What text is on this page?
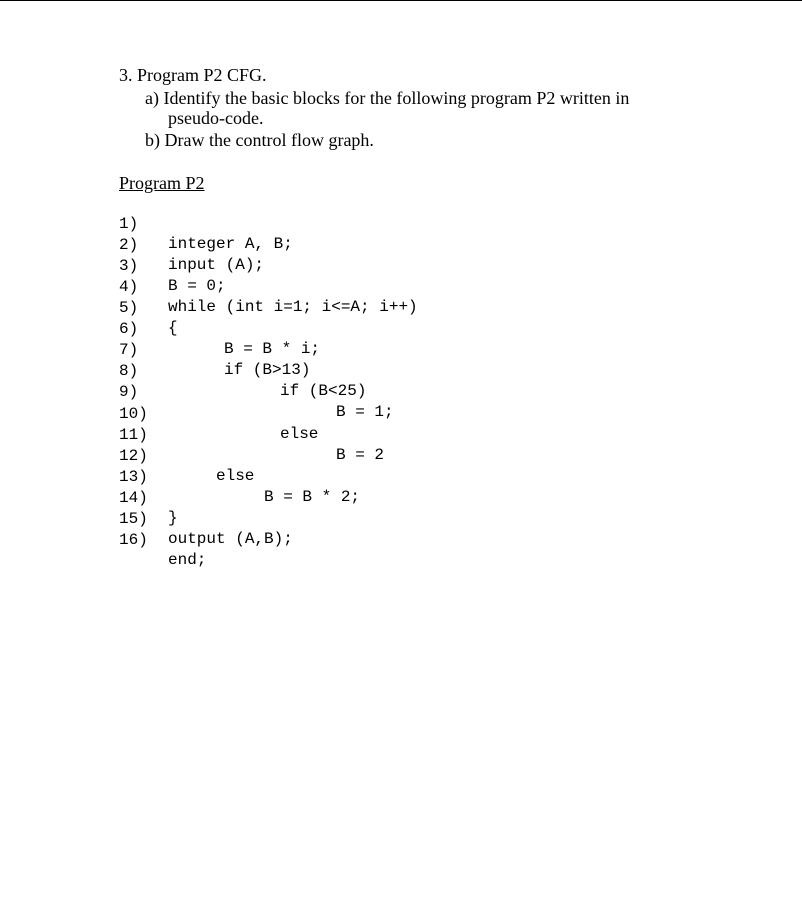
3. Program P2 CFG.
a) Identify the basic blocks for the following program P2 written in
pseudo-code.
b) Draw the control flow graph.
Program P2

1)

integer A, B;

2)

input (A);

3)

B = 0;

4)

while (int i=1; i<=A; i++)

5)

{

6)

B = B * i;

7)

if (B>13)

8)

if (B<25)

9)

B = 1;

10)

else

11)

B = 2

12)

else

13)

B = B * 2;

14)

}

15)

output (A,B);

16)

end;
